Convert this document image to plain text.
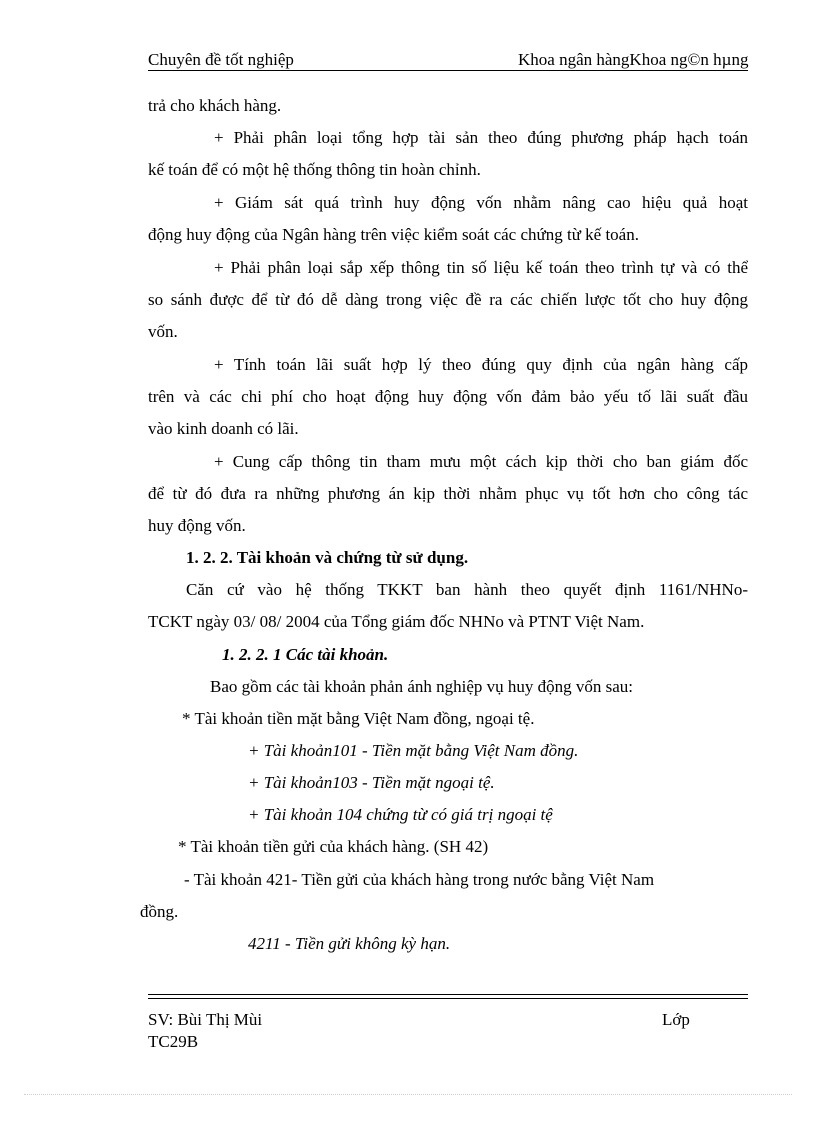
Chuyên đề tốt nghiệp	Khoa ngân hàngKhoa ng©n hµng
trả cho khách hàng.
+ Phải phân loại tổng hợp tài sản theo đúng phương pháp hạch toán
kế toán để có một hệ thống thông tin hoàn chỉnh.
+ Giám sát quá trình huy động vốn nhằm nâng cao hiệu quả hoạt
động huy động của Ngân hàng trên việc kiểm soát các chứng từ kế toán.
+ Phải phân loại sắp xếp thông tin số liệu kế toán theo trình tự và có thể
so sánh được để từ đó dễ dàng trong việc đề ra các chiến lược tốt cho huy động
vốn.
+ Tính toán lãi suất hợp lý theo đúng quy định của ngân hàng cấp
trên và các chi phí cho hoạt động huy động vốn đảm bảo yếu tố lãi suất đầu
vào kinh doanh có lãi.
+ Cung cấp thông tin tham mưu một cách kịp thời cho ban giám đốc
để từ đó đưa ra những phương án kịp thời nhằm phục vụ tốt hơn cho công tác
huy động vốn.
1. 2. 2. Tài khoản và chứng từ sử dụng.
Căn cứ vào hệ thống TKKT ban hành theo quyết định 1161/NHNo-
TCKT ngày 03/ 08/ 2004 của Tổng giám đốc NHNo và PTNT Việt Nam.
1. 2. 2. 1 Các tài khoản.
Bao gồm các tài khoản phản ánh nghiệp vụ huy động vốn sau:
* Tài khoản tiền mặt bằng Việt Nam đồng, ngoại tệ.
+ Tài khoản101 - Tiền mặt bằng Việt Nam đồng.
+ Tài khoản103 - Tiền mặt ngoại tệ.
+ Tài khoản 104 chứng từ có giá trị ngoại tệ
* Tài khoản tiền gửi của khách hàng. (SH 42)
- Tài khoản 421- Tiền gửi của khách hàng trong nước bằng Việt Nam
đồng.
4211 - Tiền gửi không kỳ hạn.
SV: Bùi Thị Mùi	Lớp
TC29B
